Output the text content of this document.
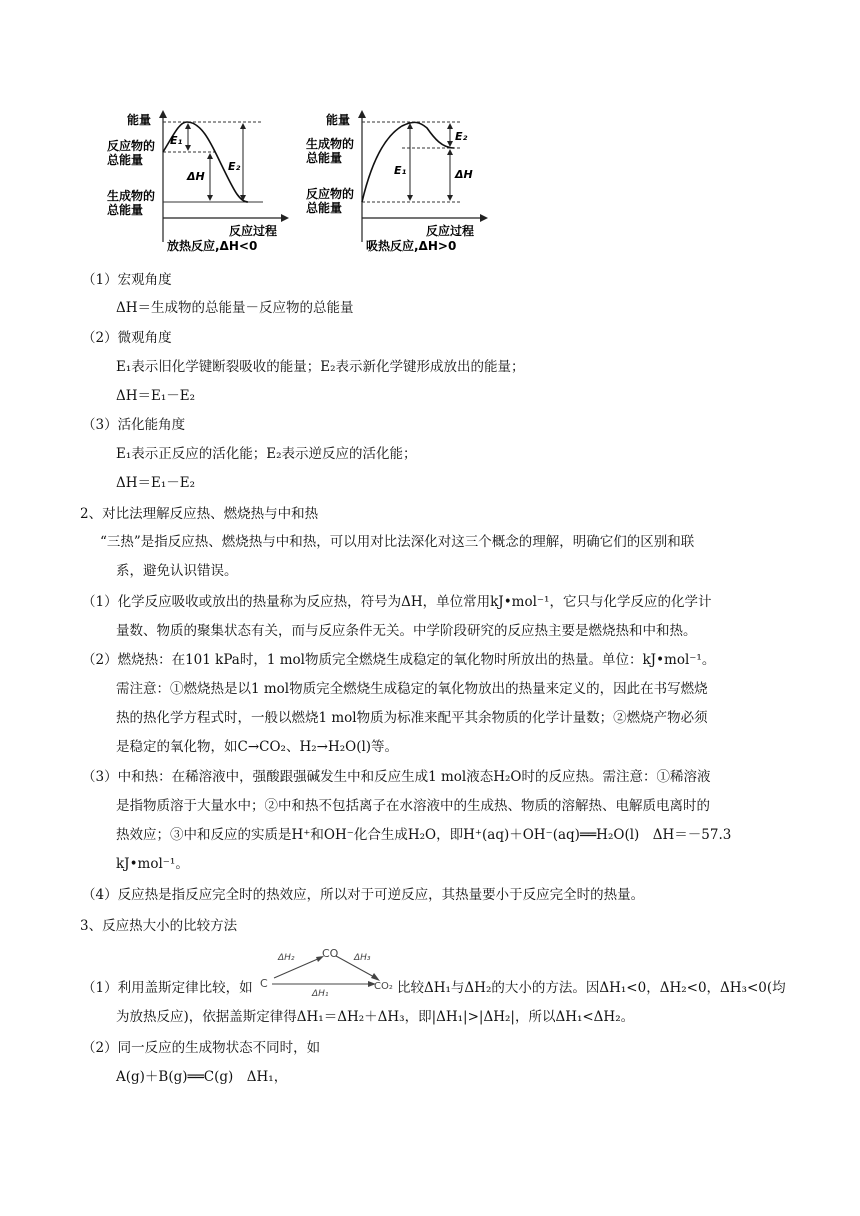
能量
反应物的
总能量
生成物的
总能量
E₁
ΔH
E₂
反应过程
放热反应,ΔH<0
能量
生成物的
总能量
反应物的
总能量
E₁
E₂
ΔH
反应过程
吸热反应,ΔH>0
（1）宏观角度
ΔH＝生成物的总能量－反应物的总能量
（2）微观角度
E₁表示旧化学键断裂吸收的能量；E₂表示新化学键形成放出的能量；
ΔH＝E₁－E₂
（3）活化能角度
E₁表示正反应的活化能；E₂表示逆反应的活化能；
ΔH＝E₁－E₂
2、对比法理解反应热、燃烧热与中和热
“三热”是指反应热、燃烧热与中和热，可以用对比法深化对这三个概念的理解，明确它们的区别和联
系，避免认识错误。
（1）化学反应吸收或放出的热量称为反应热，符号为ΔH，单位常用kJ•mol⁻¹，它只与化学反应的化学计
量数、物质的聚集状态有关，而与反应条件无关。中学阶段研究的反应热主要是燃烧热和中和热。
（2）燃烧热：在101 kPa时，1 mol物质完全燃烧生成稳定的氧化物时所放出的热量。单位：kJ•mol⁻¹。
需注意：①燃烧热是以1 mol物质完全燃烧生成稳定的氧化物放出的热量来定义的，因此在书写燃烧
热的热化学方程式时，一般以燃烧1 mol物质为标准来配平其余物质的化学计量数；②燃烧产物必须
是稳定的氧化物，如C→CO₂、H₂→H₂O(l)等。
（3）中和热：在稀溶液中，强酸跟强碱发生中和反应生成1 mol液态H₂O时的反应热。需注意：①稀溶液
是指物质溶于大量水中；②中和热不包括离子在水溶液中的生成热、物质的溶解热、电解质电离时的
热效应；③中和反应的实质是H⁺和OH⁻化合生成H₂O，即H⁺(aq)＋OH⁻(aq)══H₂O(l)　ΔH＝－57.3
kJ•mol⁻¹。
（4）反应热是指反应完全时的热效应，所以对于可逆反应，其热量要小于反应完全时的热量。
3、反应热大小的比较方法
（1）利用盖斯定律比较，如 C
CO
CO₂
ΔH₂	ΔH₃
ΔH₁	比较ΔH₁与ΔH₂的大小的方法。因ΔH₁<0，ΔH₂<0，ΔH₃<0(均
为放热反应)，依据盖斯定律得ΔH₁＝ΔH₂＋ΔH₃，即|ΔH₁|>|ΔH₂|，所以ΔH₁<ΔH₂。
（2）同一反应的生成物状态不同时，如
A(g)＋B(g)══C(g)　ΔH₁，
